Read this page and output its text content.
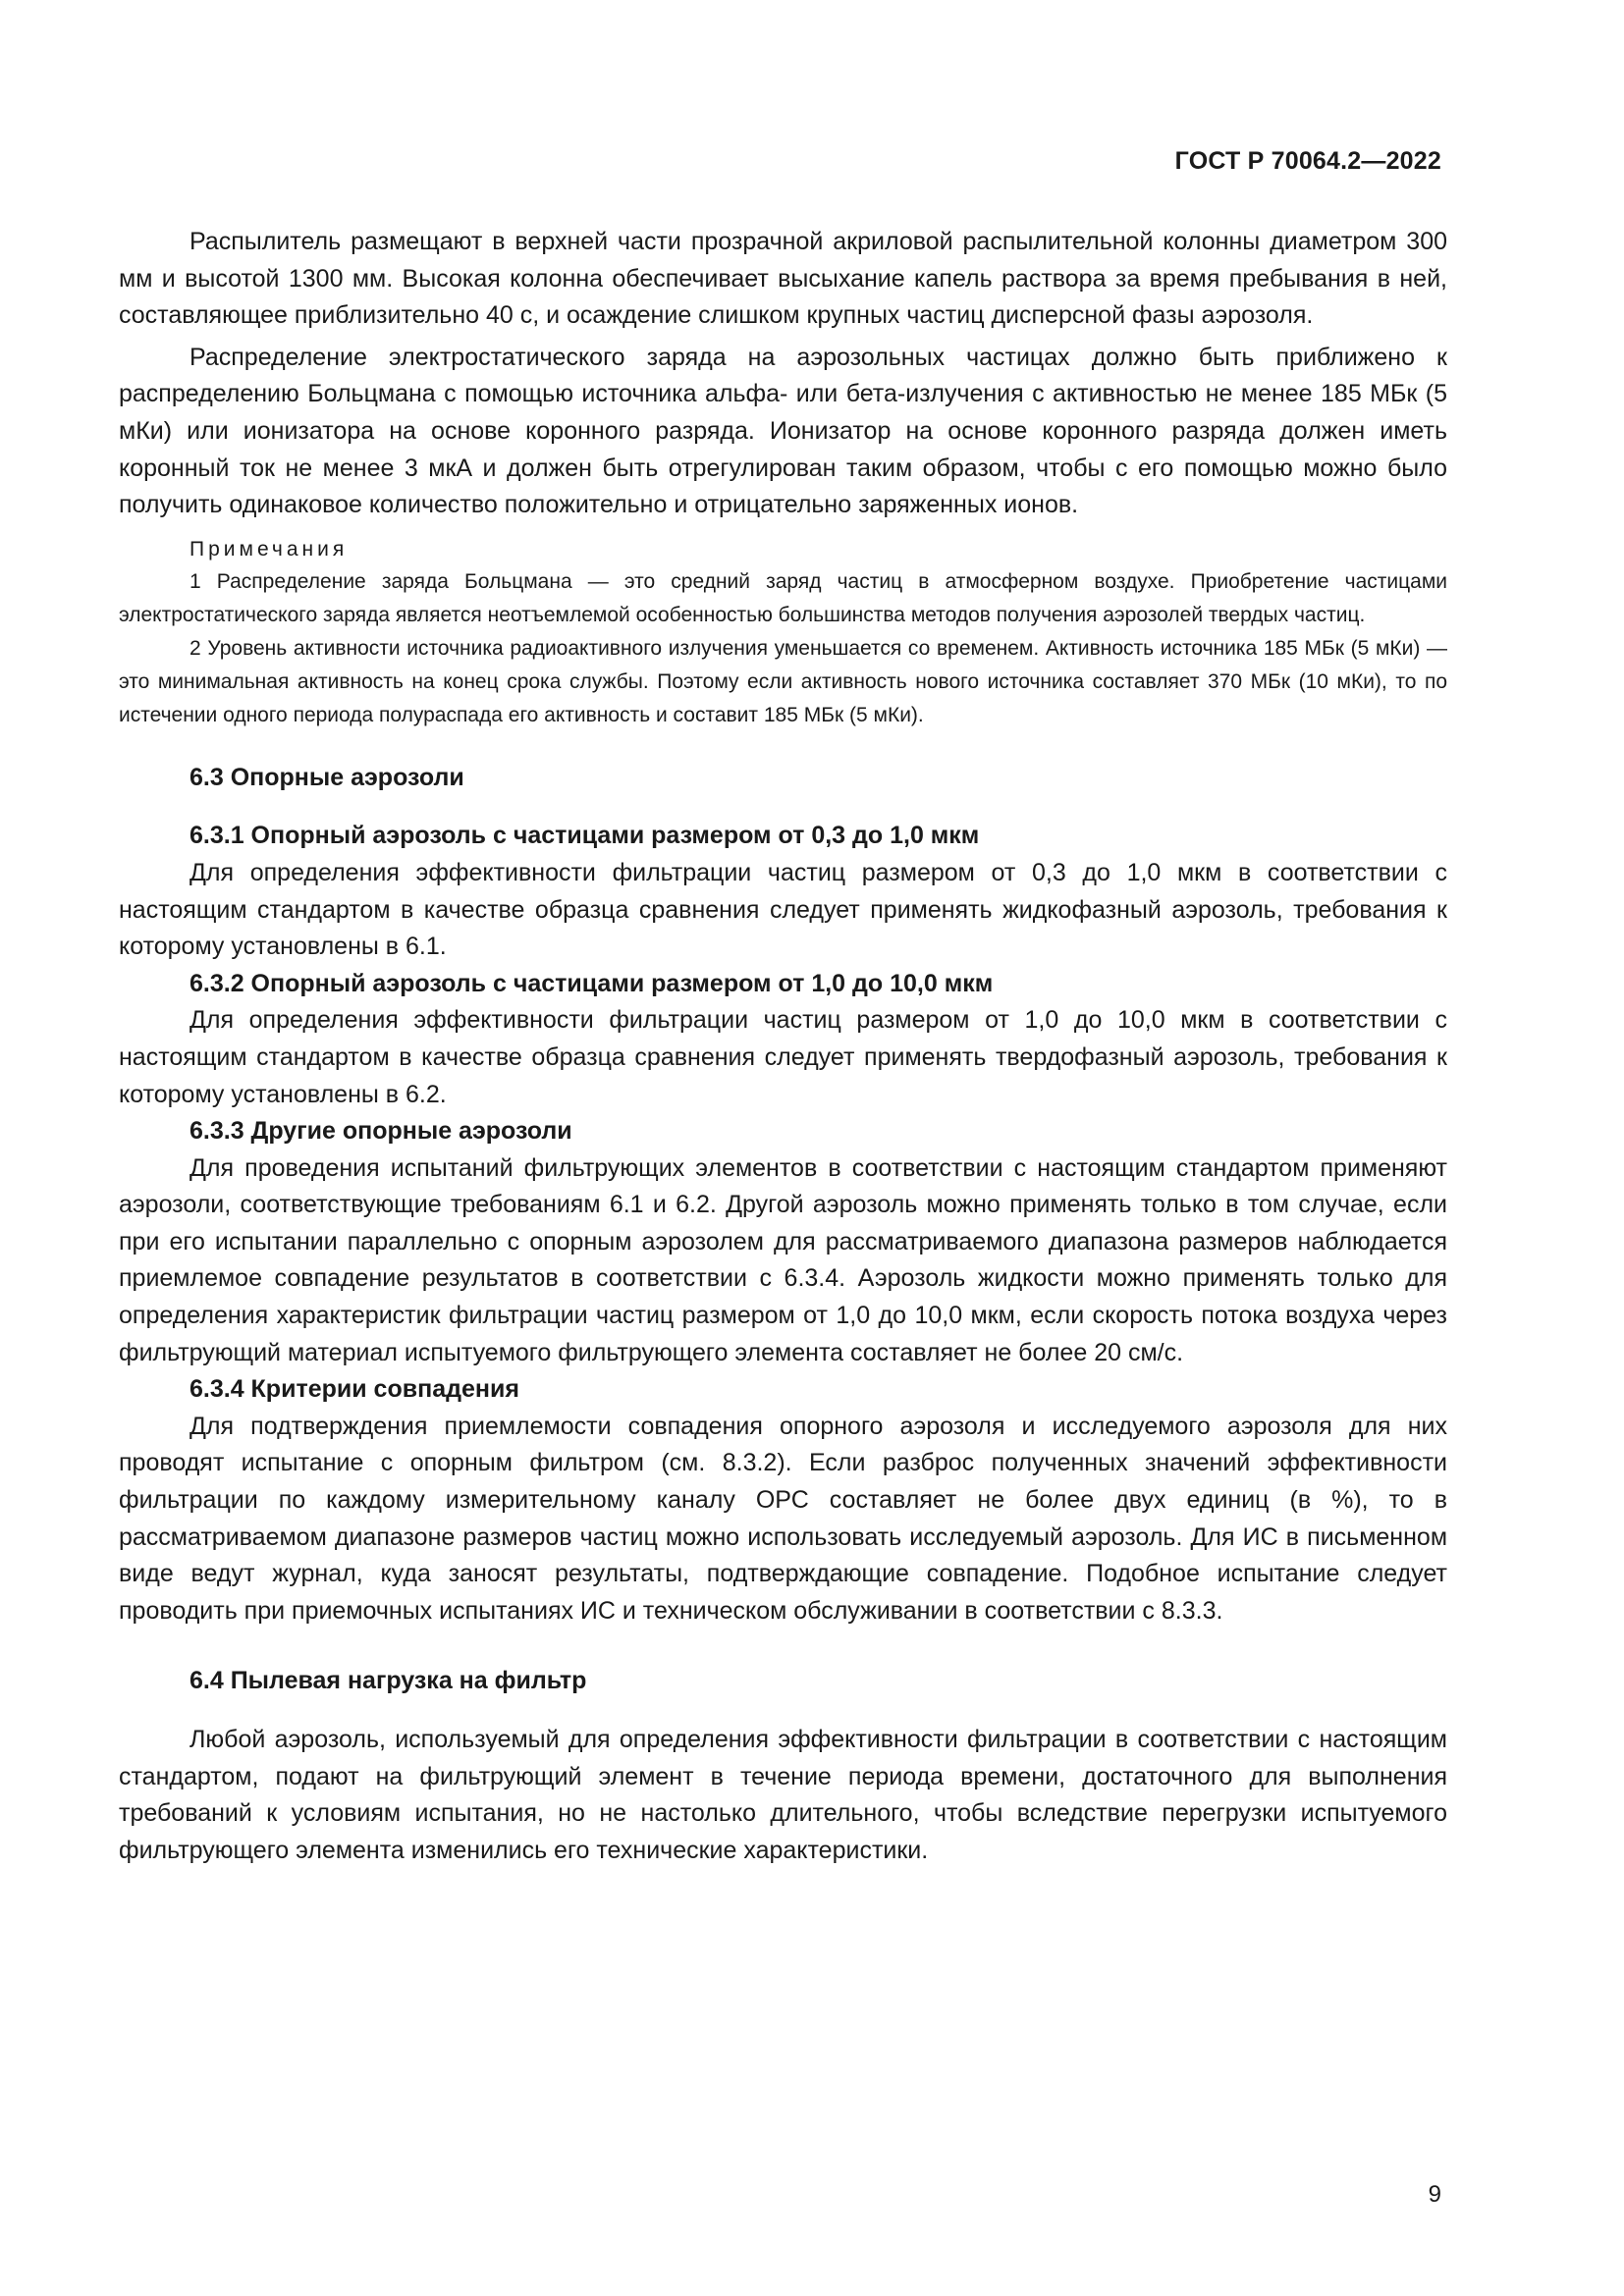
ГОСТ Р 70064.2—2022

Распылитель размещают в верхней части прозрачной акриловой распылительной колонны диаметром 300 мм и высотой 1300 мм. Высокая колонна обеспечивает высыхание капель раствора за время пребывания в ней, составляющее приблизительно 40 с, и осаждение слишком крупных частиц дисперсной фазы аэрозоля.

Распределение электростатического заряда на аэрозольных частицах должно быть приближено к распределению Больцмана с помощью источника альфа- или бета-излучения с активностью не менее 185 МБк (5 мКи) или ионизатора на основе коронного разряда. Ионизатор на основе коронного разряда должен иметь коронный ток не менее 3 мкА и должен быть отрегулирован таким образом, чтобы с его помощью можно было получить одинаковое количество положительно и отрицательно заряженных ионов.

Примечания

1 Распределение заряда Больцмана — это средний заряд частиц в атмосферном воздухе. Приобретение частицами электростатического заряда является неотъемлемой особенностью большинства методов получения аэрозолей твердых частиц.

2 Уровень активности источника радиоактивного излучения уменьшается со временем. Активность источника 185 МБк (5 мКи) — это минимальная активность на конец срока службы. Поэтому если активность нового источника составляет 370 МБк (10 мКи), то по истечении одного периода полураспада его активность и составит 185 МБк (5 мКи).

6.3 Опорные аэрозоли
6.3.1 Опорный аэрозоль с частицами размером от 0,3 до 1,0 мкм

Для определения эффективности фильтрации частиц размером от 0,3 до 1,0 мкм в соответствии с настоящим стандартом в качестве образца сравнения следует применять жидкофазный аэрозоль, требования к которому установлены в 6.1.

6.3.2 Опорный аэрозоль с частицами размером от 1,0 до 10,0 мкм

Для определения эффективности фильтрации частиц размером от 1,0 до 10,0 мкм в соответствии с настоящим стандартом в качестве образца сравнения следует применять твердофазный аэрозоль, требования к которому установлены в 6.2.

6.3.3 Другие опорные аэрозоли

Для проведения испытаний фильтрующих элементов в соответствии с настоящим стандартом применяют аэрозоли, соответствующие требованиям 6.1 и 6.2. Другой аэрозоль можно применять только в том случае, если при его испытании параллельно с опорным аэрозолем для рассматриваемого диапазона размеров наблюдается приемлемое совпадение результатов в соответствии с 6.3.4. Аэрозоль жидкости можно применять только для определения характеристик фильтрации частиц размером от 1,0 до 10,0 мкм, если скорость потока воздуха через фильтрующий материал испытуемого фильтрующего элемента составляет не более 20 см/с.

6.3.4 Критерии совпадения

Для подтверждения приемлемости совпадения опорного аэрозоля и исследуемого аэрозоля для них проводят испытание с опорным фильтром (см. 8.3.2). Если разброс полученных значений эффективности фильтрации по каждому измерительному каналу ОРС составляет не более двух единиц (в %), то в рассматриваемом диапазоне размеров частиц можно использовать исследуемый аэрозоль. Для ИС в письменном виде ведут журнал, куда заносят результаты, подтверждающие совпадение. Подобное испытание следует проводить при приемочных испытаниях ИС и техническом обслуживании в соответствии с 8.3.3.

6.4 Пылевая нагрузка на фильтр

Любой аэрозоль, используемый для определения эффективности фильтрации в соответствии с настоящим стандартом, подают на фильтрующий элемент в течение периода времени, достаточного для выполнения требований к условиям испытания, но не настолько длительного, чтобы вследствие перегрузки испытуемого фильтрующего элемента изменились его технические характеристики.

9
